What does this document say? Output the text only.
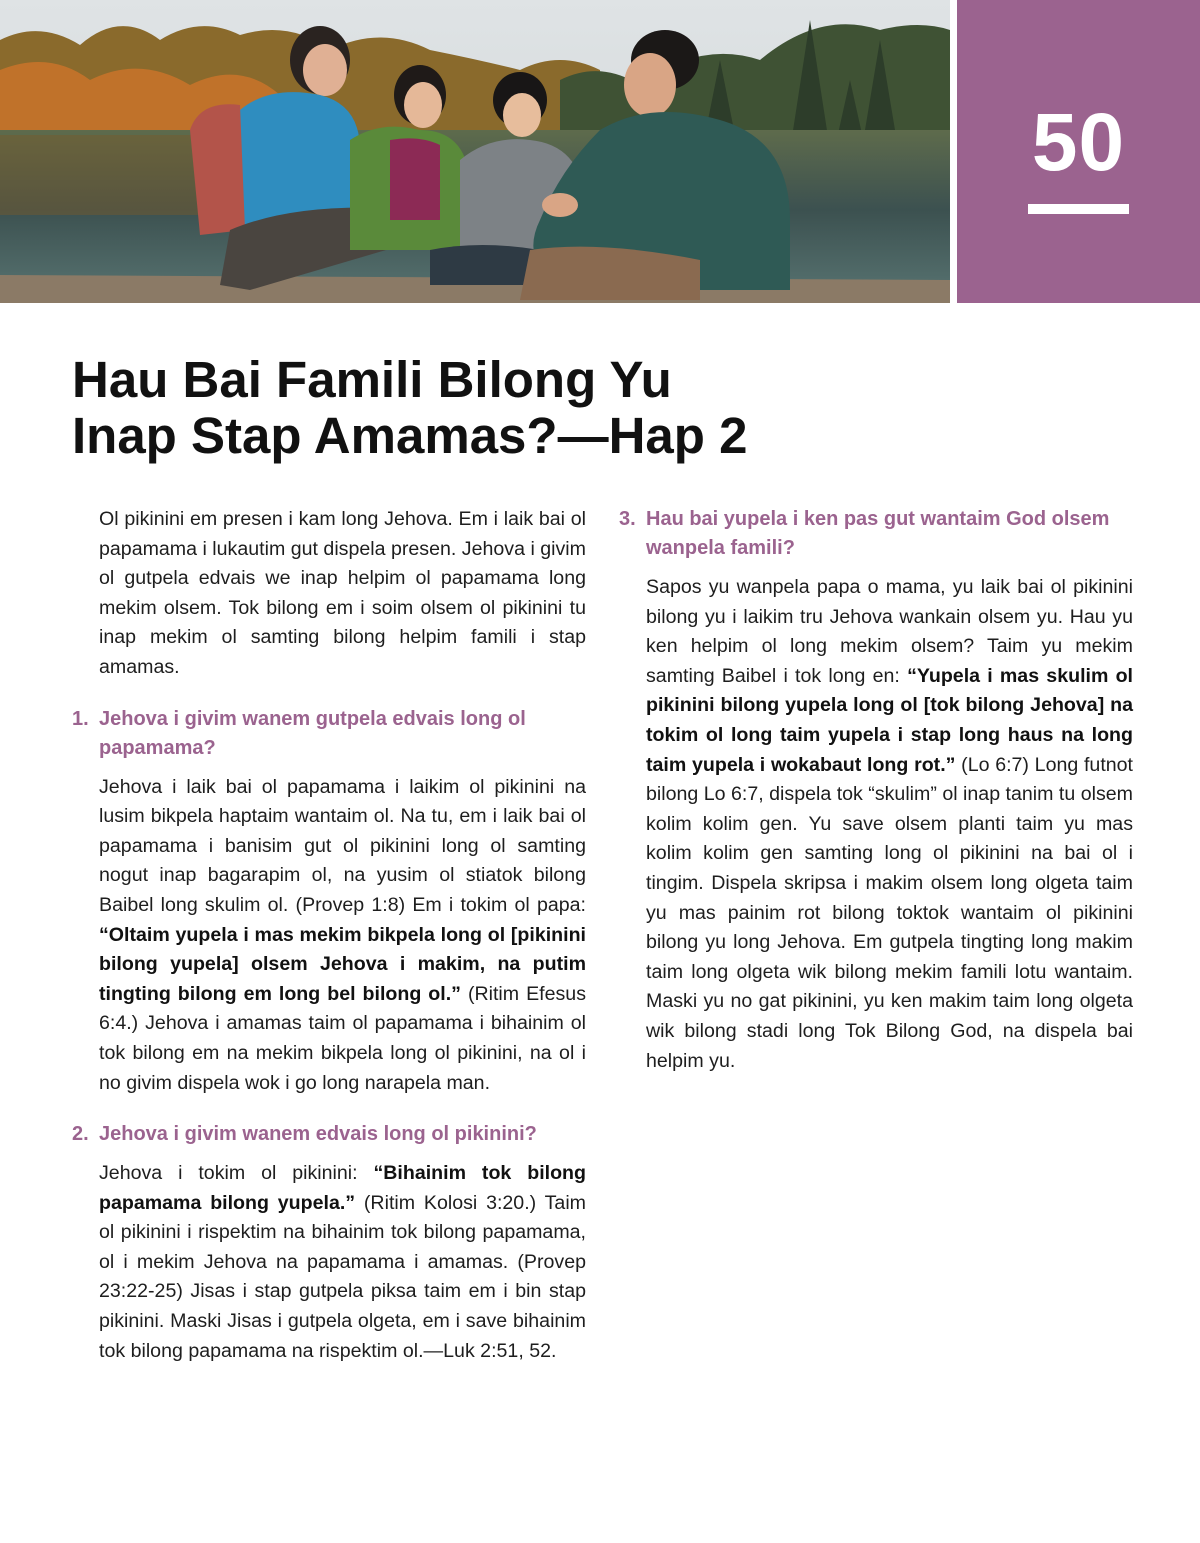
50
Hau Bai Famili Bilong Yu
Inap Stap Amamas?—Hap 2

Ol pikinini em presen i kam long Jehova. Em i laik bai ol papamama i lukautim gut dispela presen. Jehova i givim ol gutpela edvais we inap helpim ol papamama long mekim olsem. Tok bilong em i soim olsem ol pikinini tu inap mekim ol samting bilong helpim famili i stap amamas.

1. Jehova i givim wanem gutpela edvais long ol papamama?

Jehova i laik bai ol papamama i laikim ol pikinini na lusim bikpela haptaim wantaim ol. Na tu, em i laik bai ol papamama i banisim gut ol pikinini long ol samting nogut inap bagarapim ol, na yusim ol stiatok bilong Baibel long skulim ol. (Provep 1:8) Em i tokim ol papa: “Oltaim yupela i mas mekim bikpela long ol [pikinini bilong yupela] olsem Jehova i makim, na putim tingting bilong em long bel bilong ol.” (Ritim Efesus 6:4.) Jehova i amamas taim ol papamama i bihainim ol tok bilong em na mekim bikpela long ol pikinini, na ol i no givim dispela wok i go long narapela man.

2. Jehova i givim wanem edvais long ol pikinini?

Jehova i tokim ol pikinini: “Bihainim tok bilong papamama bilong yupela.” (Ritim Kolosi 3:20.) Taim ol pikinini i rispektim na bihainim tok bilong papamama, ol i mekim Jehova na papamama i amamas. (Provep 23:22-25) Jisas i stap gutpela piksa taim em i bin stap pikinini. Maski Jisas i gutpela olgeta, em i save bihainim tok bilong papamama na rispektim ol.—Luk 2:51, 52.

3. Hau bai yupela i ken pas gut wantaim God olsem wanpela famili?

Sapos yu wanpela papa o mama, yu laik bai ol pikinini bilong yu i laikim tru Jehova wankain olsem yu. Hau yu ken helpim ol long mekim olsem? Taim yu mekim samting Baibel i tok long en: “Yupela i mas skulim ol pikinini bilong yupela long ol [tok bilong Jehova] na tokim ol long taim yupela i stap long haus na long taim yupela i wokabaut long rot.” (Lo 6:7) Long futnot bilong Lo 6:7, dispela tok “skulim” ol inap tanim tu olsem kolim kolim gen. Yu save olsem planti taim yu mas kolim kolim gen samting long ol pikinini na bai ol i tingim. Dispela skripsa i makim olsem long olgeta taim yu mas painim rot bilong toktok wantaim ol pikinini bilong yu long Jehova. Em gutpela tingting long makim taim long olgeta wik bilong mekim famili lotu wantaim. Maski yu no gat pikinini, yu ken makim taim long olgeta wik bilong stadi long Tok Bilong God, na dispela bai helpim yu.
